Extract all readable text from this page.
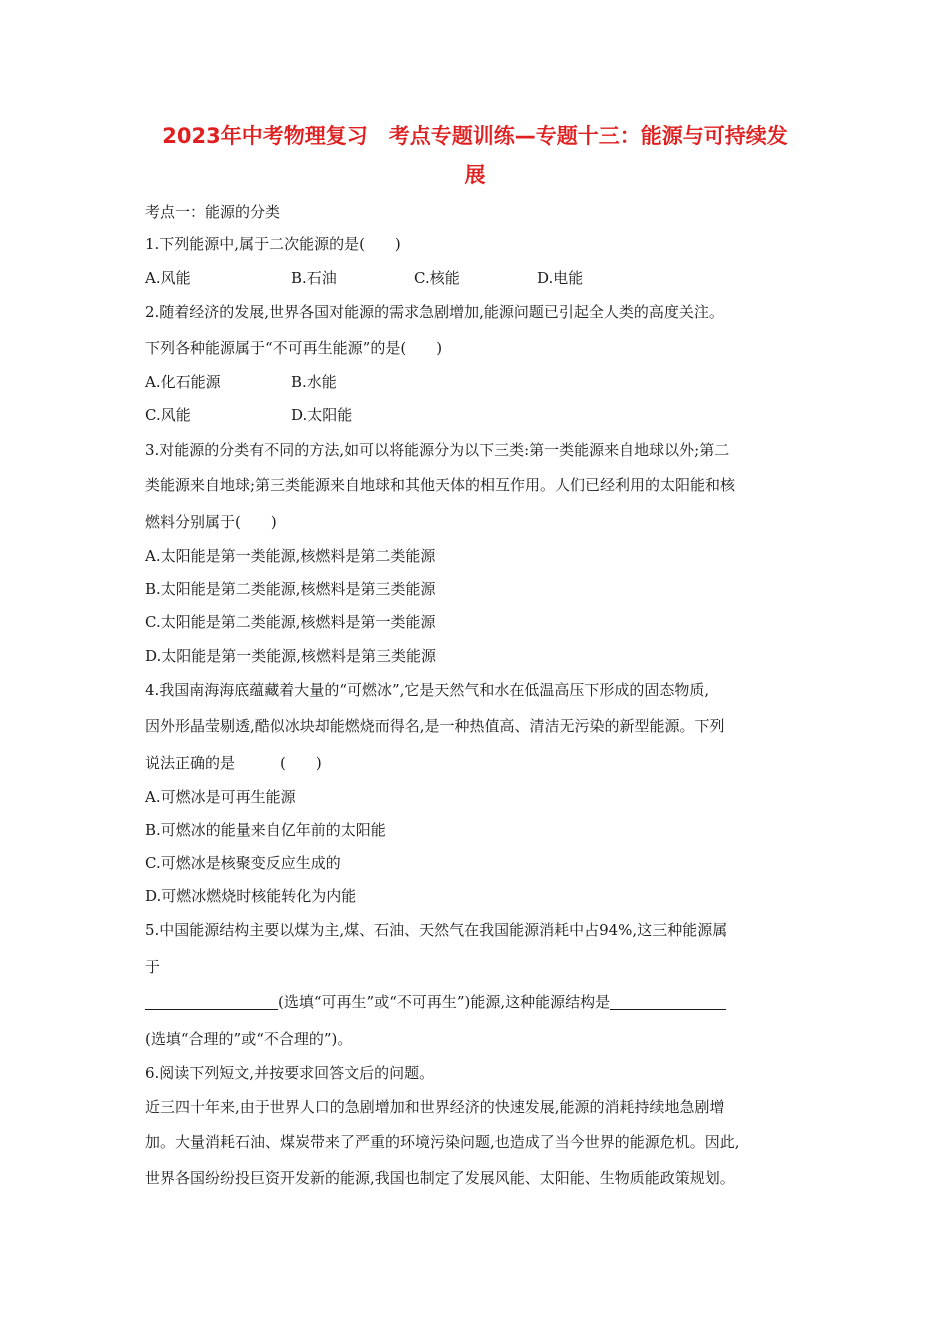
2023年中考物理复习　考点专题训练—专题十三：能源与可持续发
展
考点一：能源的分类
1.下列能源中,属于二次能源的是(　　)
A.风能	B.石油	C.核能	D.电能
2.随着经济的发展,世界各国对能源的需求急剧增加,能源问题已引起全人类的高度关注。
下列各种能源属于“不可再生能源”的是(　　)
A.化石能源	B.水能
C.风能	D.太阳能
3.对能源的分类有不同的方法,如可以将能源分为以下三类:第一类能源来自地球以外;第二
类能源来自地球;第三类能源来自地球和其他天体的相互作用。人们已经利用的太阳能和核
燃料分别属于(　　)
A.太阳能是第一类能源,核燃料是第二类能源
B.太阳能是第二类能源,核燃料是第三类能源
C.太阳能是第二类能源,核燃料是第一类能源
D.太阳能是第一类能源,核燃料是第三类能源
4.我国南海海底蕴藏着大量的“可燃冰”,它是天然气和水在低温高压下形成的固态物质,
因外形晶莹剔透,酷似冰块却能燃烧而得名,是一种热值高、清洁无污染的新型能源。下列
说法正确的是　　　(　　)
A.可燃冰是可再生能源
B.可燃冰的能量来自亿年前的太阳能
C.可燃冰是核聚变反应生成的
D.可燃冰燃烧时核能转化为内能
5.中国能源结构主要以煤为主,煤、石油、天然气在我国能源消耗中占94%,这三种能源属
于
(选填“可再生”或“不可再生”)能源,这种能源结构是
(选填“合理的”或“不合理的”)。
6.阅读下列短文,并按要求回答文后的问题。
近三四十年来,由于世界人口的急剧增加和世界经济的快速发展,能源的消耗持续地急剧增
加。大量消耗石油、煤炭带来了严重的环境污染问题,也造成了当今世界的能源危机。因此,
世界各国纷纷投巨资开发新的能源,我国也制定了发展风能、太阳能、生物质能政策规划。
